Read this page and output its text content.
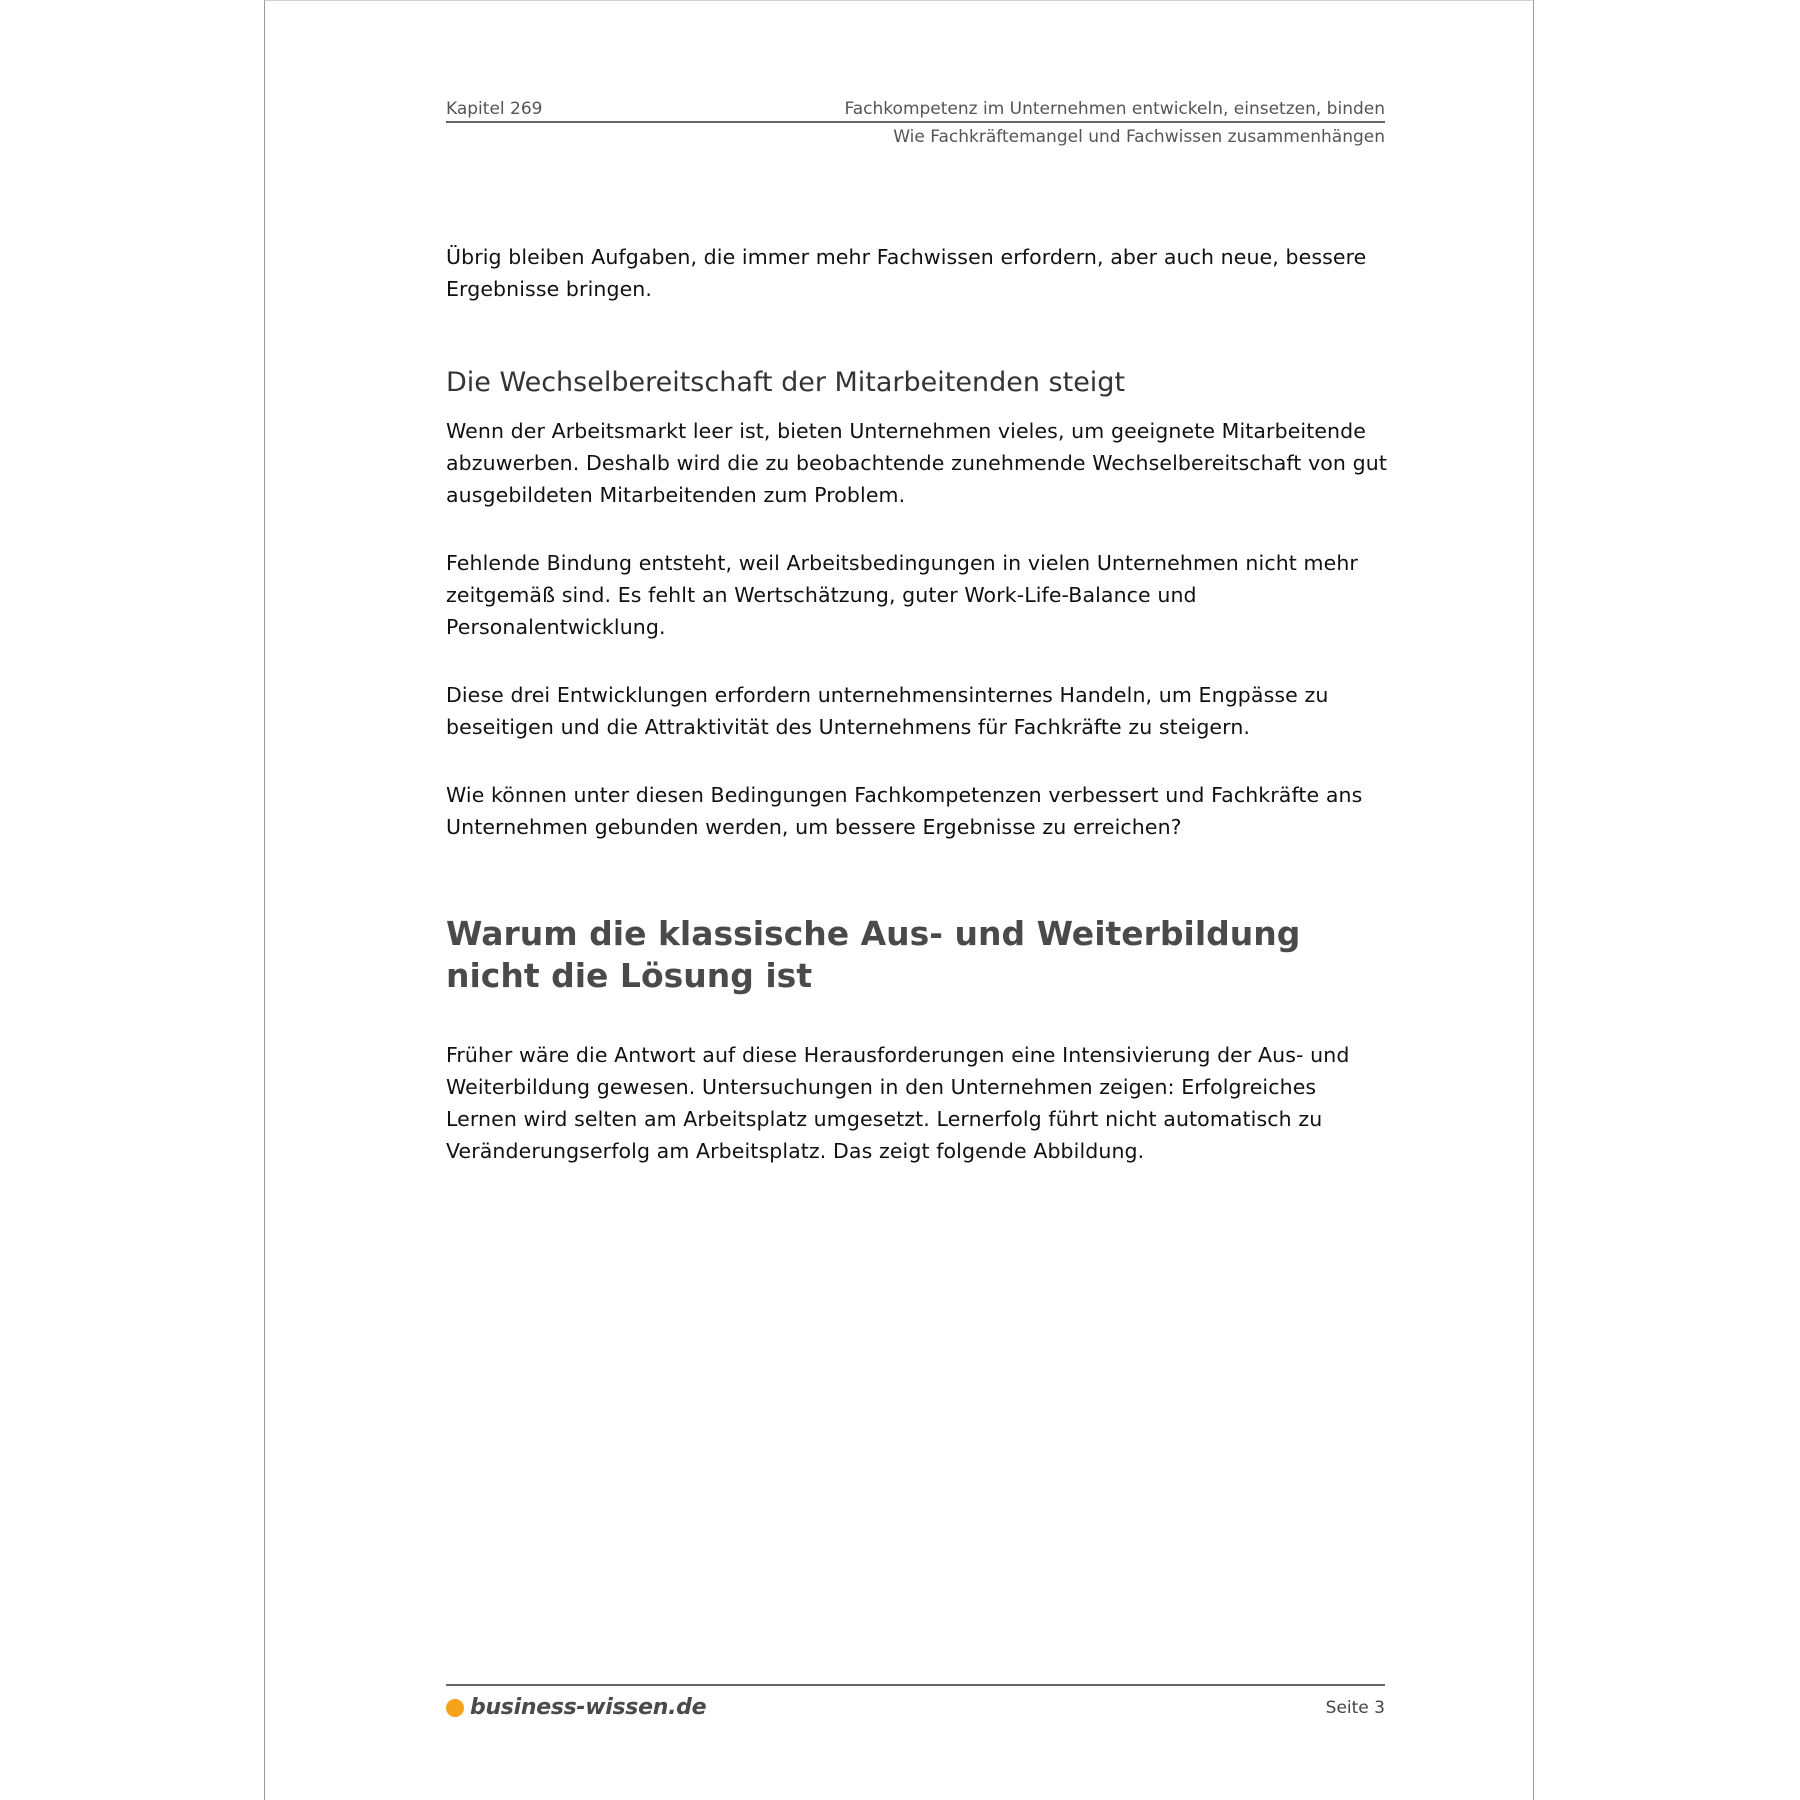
Kapitel 269	Fachkompetenz im Unternehmen entwickeln, einsetzen, binden
Wie Fachkräftemangel und Fachwissen zusammenhängen

Übrig bleiben Aufgaben, die immer mehr Fachwissen erfordern, aber auch neue, bessere Ergebnisse bringen.

Die Wechselbereitschaft der Mitarbeitenden steigt

Wenn der Arbeitsmarkt leer ist, bieten Unternehmen vieles, um geeignete Mitarbeitende abzuwerben. Deshalb wird die zu beobachtende zunehmende Wechselbereitschaft von gut ausgebildeten Mitarbeitenden zum Problem.

Fehlende Bindung entsteht, weil Arbeitsbedingungen in vielen Unternehmen nicht mehr zeitgemäß sind. Es fehlt an Wertschätzung, guter Work-Life-Balance und Personalentwicklung.

Diese drei Entwicklungen erfordern unternehmensinternes Handeln, um Engpässe zu beseitigen und die Attraktivität des Unternehmens für Fachkräfte zu steigern.

Wie können unter diesen Bedingungen Fachkompetenzen verbessert und Fachkräfte ans Unternehmen gebunden werden, um bessere Ergebnisse zu erreichen?

Warum die klassische Aus- und Weiterbildung nicht die Lösung ist

Früher wäre die Antwort auf diese Herausforderungen eine Intensivierung der Aus- und Weiterbildung gewesen. Untersuchungen in den Unternehmen zeigen: Erfolgreiches Lernen wird selten am Arbeitsplatz umgesetzt. Lernerfolg führt nicht automatisch zu Veränderungserfolg am Arbeitsplatz. Das zeigt folgende Abbildung.

business-wissen.de	Seite 3
